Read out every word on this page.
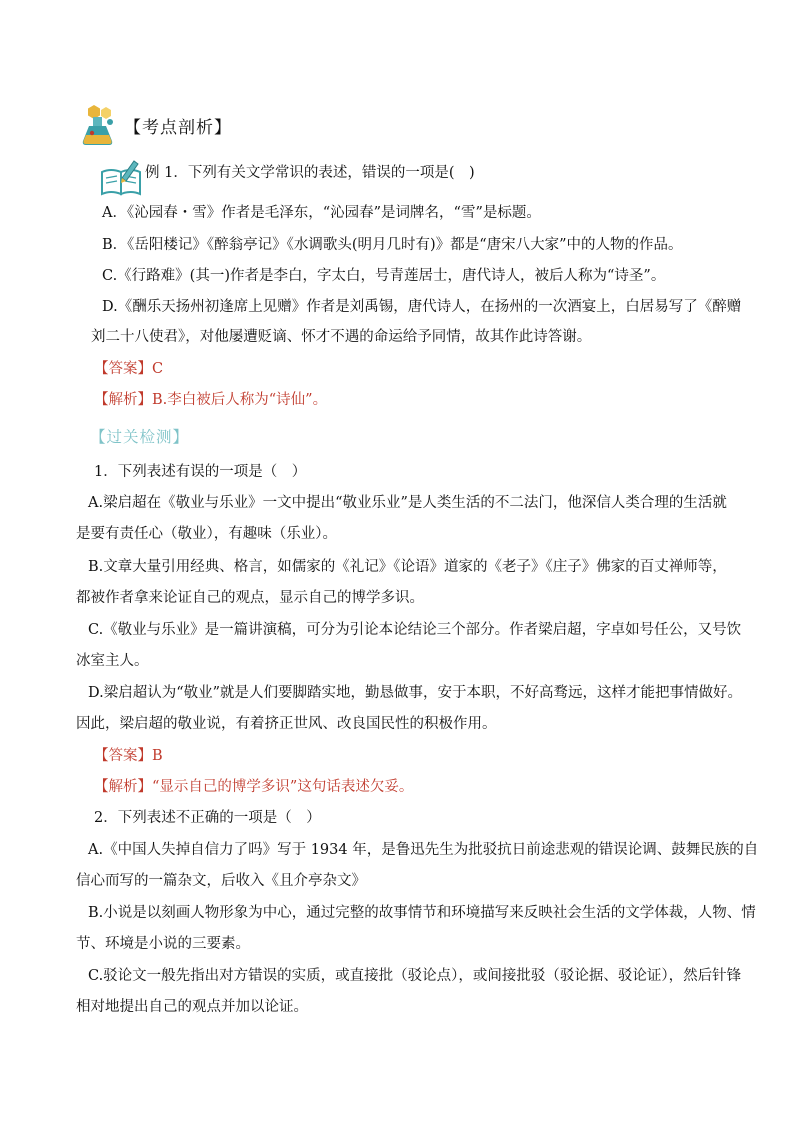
【考点剖析】
例 1．下列有关文学常识的表述，错误的一项是(　)
A．《沁园春・雪》作者是毛泽东，“沁园春”是词牌名，“雪”是标题。
B．《岳阳楼记》《醉翁亭记》《水调歌头(明月几时有)》都是“唐宋八大家”中的人物的作品。
C.《行路难》(其一)作者是李白，字太白，号青莲居士，唐代诗人，被后人称为“诗圣”。
D.《酬乐天扬州初逢席上见赠》作者是刘禹锡，唐代诗人，在扬州的一次酒宴上，白居易写了《醉赠
刘二十八使君》，对他屡遭贬谪、怀才不遇的命运给予同情，故其作此诗答谢。
【答案】C
【解析】B.李白被后人称为“诗仙”。
【过关检测】
1．下列表述有误的一项是（　）
A.梁启超在《敬业与乐业》一文中提出“敬业乐业”是人类生活的不二法门，他深信人类合理的生活就
是要有责任心（敬业），有趣味（乐业）。
B.文章大量引用经典、格言，如儒家的《礼记》《论语》道家的《老子》《庄子》佛家的百丈禅师等，
都被作者拿来论证自己的观点，显示自己的博学多识。
C.《敬业与乐业》是一篇讲演稿，可分为引论本论结论三个部分。作者梁启超，字卓如号任公，又号饮
冰室主人。
D.梁启超认为“敬业”就是人们要脚踏实地，勤恳做事，安于本职，不好高骛远，这样才能把事情做好。
因此，梁启超的敬业说，有着挤正世风、改良国民性的积极作用。
【答案】B
【解析】“显示自己的博学多识”这句话表述欠妥。
2．下列表述不正确的一项是（　）
A.《中国人失掉自信力了吗》写于 1934 年，是鲁迅先生为批驳抗日前途悲观的错误论调、鼓舞民族的自
信心而写的一篇杂文，后收入《且介亭杂文》
B.小说是以刻画人物形象为中心，通过完整的故事情节和环境描写来反映社会生活的文学体裁，人物、情
节、环境是小说的三要素。
C.驳论文一般先指出对方错误的实质，或直接批（驳论点），或间接批驳（驳论据、驳论证），然后针锋
相对地提出自己的观点并加以论证。
